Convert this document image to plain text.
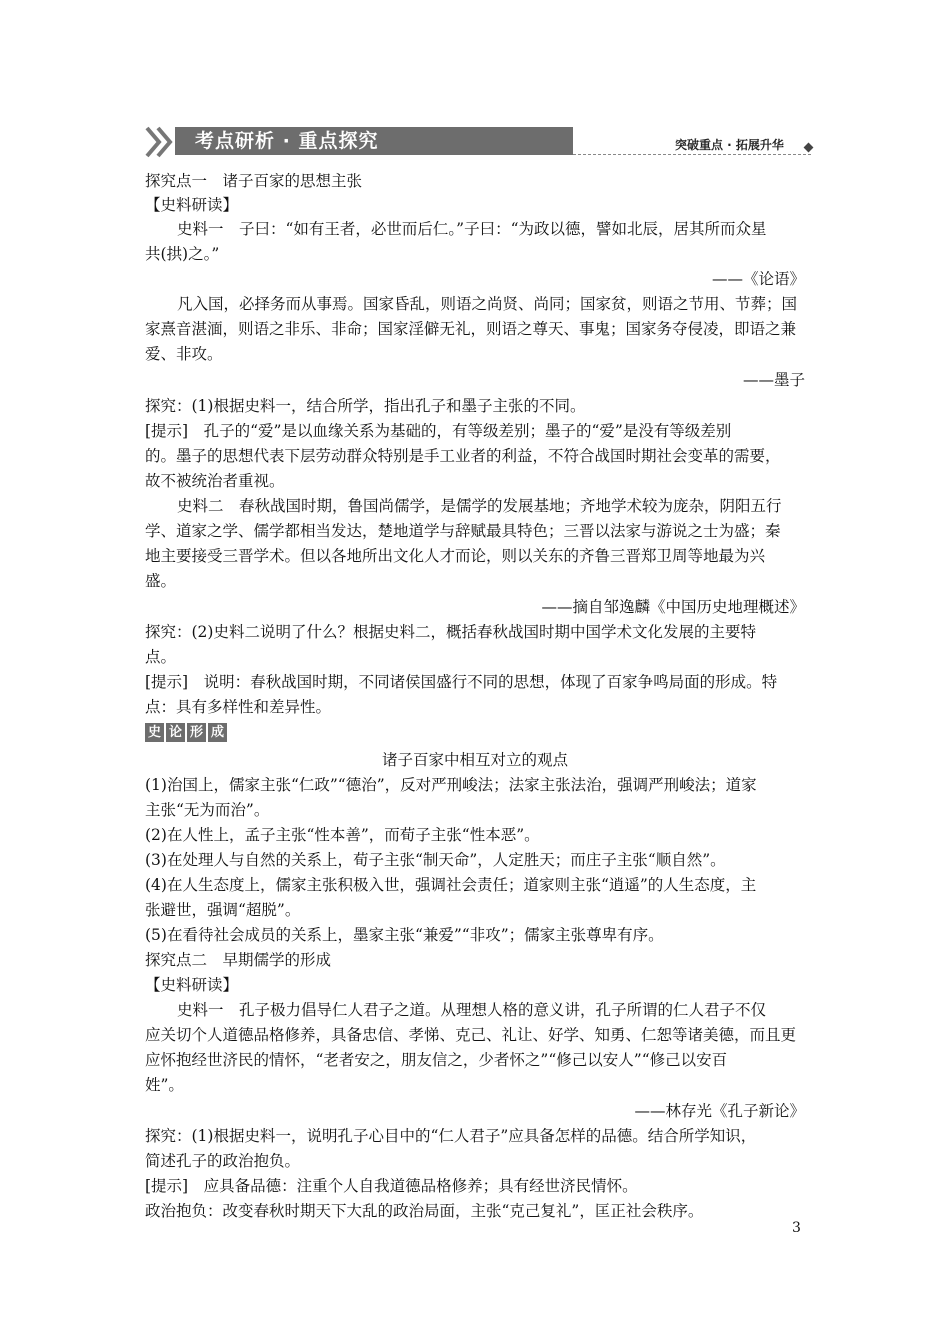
考点研析 · 重点探究	突破重点 · 拓展升华
探究点一　诸子百家的思想主张
【史料研读】
史料一　子曰：“如有王者，必世而后仁。”子曰：“为政以德，譬如北辰，居其所而众星
共(拱)之。”
——《论语》
凡入国，必择务而从事焉。国家昏乱，则语之尚贤、尚同；国家贫，则语之节用、节葬；国
家熹音湛湎，则语之非乐、非命；国家淫僻无礼，则语之尊天、事鬼；国家务夺侵凌，即语之兼
爱、非攻。
——墨子
探究：(1)根据史料一，结合所学，指出孔子和墨子主张的不同。
[提示]　孔子的“爱”是以血缘关系为基础的，有等级差别；墨子的“爱”是没有等级差别
的。墨子的思想代表下层劳动群众特别是手工业者的利益，不符合战国时期社会变革的需要，
故不被统治者重视。
史料二　春秋战国时期，鲁国尚儒学，是儒学的发展基地；齐地学术较为庞杂，阴阳五行
学、道家之学、儒学都相当发达，楚地道学与辞赋最具特色；三晋以法家与游说之士为盛；秦
地主要接受三晋学术。但以各地所出文化人才而论，则以关东的齐鲁三晋郑卫周等地最为兴
盛。
——摘自邹逸麟《中国历史地理概述》
探究：(2)史料二说明了什么？根据史料二，概括春秋战国时期中国学术文化发展的主要特
点。
[提示]　说明：春秋战国时期，不同诸侯国盛行不同的思想，体现了百家争鸣局面的形成。特
点：具有多样性和差异性。
史 论 形 成
诸子百家中相互对立的观点
(1)治国上，儒家主张“仁政”“德治”，反对严刑峻法；法家主张法治，强调严刑峻法；道家
主张“无为而治”。
(2)在人性上，孟子主张“性本善”，而荀子主张“性本恶”。
(3)在处理人与自然的关系上，荀子主张“制天命”，人定胜天；而庄子主张“顺自然”。
(4)在人生态度上，儒家主张积极入世，强调社会责任；道家则主张“逍遥”的人生态度，主
张避世，强调“超脱”。
(5)在看待社会成员的关系上，墨家主张“兼爱”“非攻”；儒家主张尊卑有序。
探究点二　早期儒学的形成
【史料研读】
史料一　孔子极力倡导仁人君子之道。从理想人格的意义讲，孔子所谓的仁人君子不仅
应关切个人道德品格修养，具备忠信、孝悌、克己、礼让、好学、知勇、仁恕等诸美德，而且更
应怀抱经世济民的情怀，“老者安之，朋友信之，少者怀之”“修己以安人”“修己以安百
姓”。
——林存光《孔子新论》
探究：(1)根据史料一，说明孔子心目中的“仁人君子”应具备怎样的品德。结合所学知识，
简述孔子的政治抱负。
[提示]　应具备品德：注重个人自我道德品格修养；具有经世济民情怀。
政治抱负：改变春秋时期天下大乱的政治局面，主张“克己复礼”，匡正社会秩序。
3
